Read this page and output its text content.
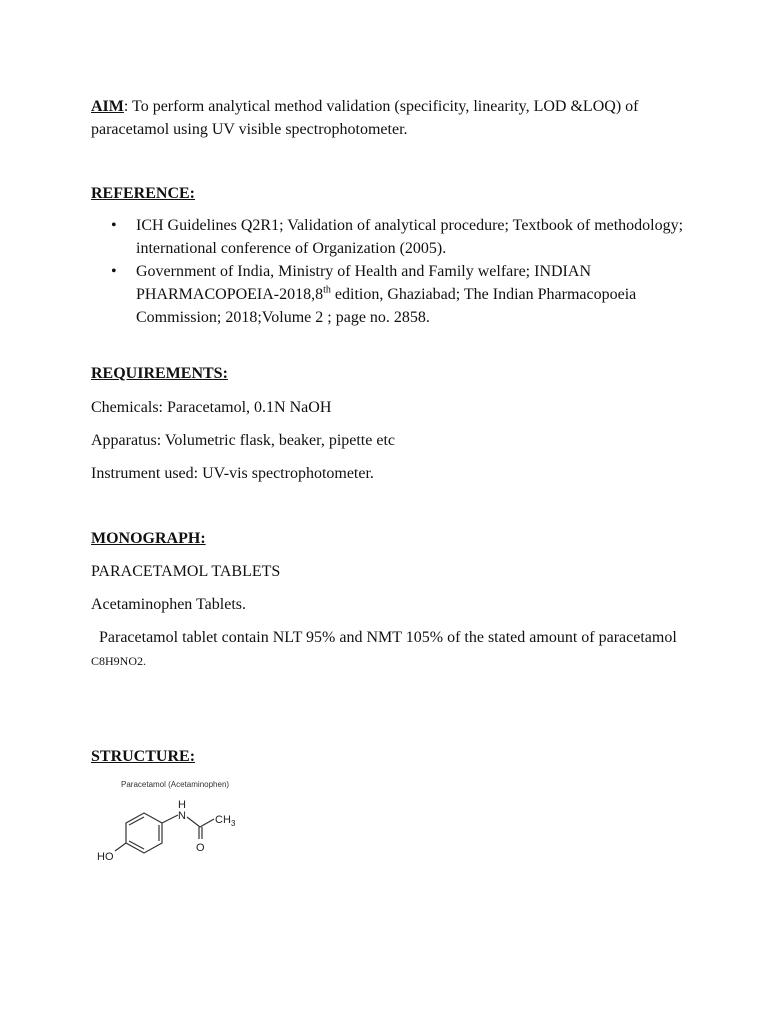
AIM: To perform analytical method validation (specificity, linearity, LOD &LOQ) of paracetamol using UV visible spectrophotometer.

REFERENCE:

• ICH Guidelines Q2R1; Validation of analytical procedure; Textbook of methodology; international conference of Organization (2005).
• Government of India, Ministry of Health and Family welfare; INDIAN PHARMACOPOEIA-2018,8th edition, Ghaziabad; The Indian Pharmacopoeia Commission; 2018;Volume 2 ; page no. 2858.

REQUIREMENTS:

Chemicals: Paracetamol, 0.1N NaOH

Apparatus: Volumetric flask, beaker, pipette etc

Instrument used: UV-vis spectrophotometer.

MONOGRAPH:

PARACETAMOL TABLETS

Acetaminophen Tablets.

Paracetamol tablet contain NLT 95% and NMT 105% of the stated amount of paracetamol C8H9NO2.

STRUCTURE:

Paracetamol (Acetaminophen)
HO
N
H
CH 3
O
